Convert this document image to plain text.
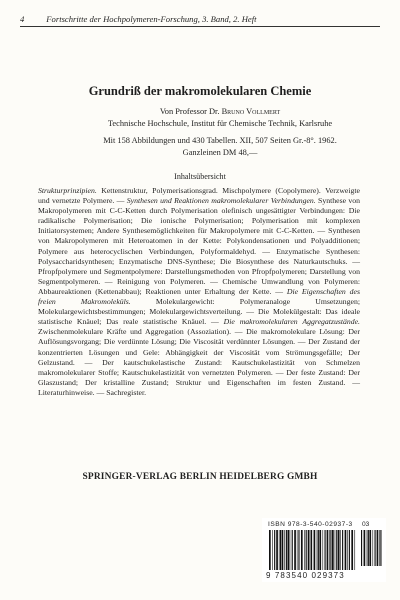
4	Fortschritte der Hochpolymeren-Forschung, 3. Band, 2. Heft
Grundriß der makromolekularen Chemie
Von Professor Dr. Bruno Vollmert
Technische Hochschule, Institut für Chemische Technik, Karlsruhe
Mit 158 Abbildungen und 430 Tabellen. XII, 507 Seiten Gr.-8°. 1962.
Ganzleinen DM 48,—
Inhaltsübersicht
Strukturprinzipien. Kettenstruktur, Polymerisationsgrad. Mischpolymere (Copolymere). Verzweigte und vernetzte Polymere. — Synthesen und Reaktionen makromolekularer Verbindungen. Synthese von Makropolymeren mit C-C-Ketten durch Polymerisation olefinisch ungesättigter Verbindungen: Die radikalische Polymerisation; Die ionische Polymerisation; Polymerisation mit komplexen Initiatorsystemen; Andere Synthesemöglichkeiten für Makropolymere mit C-C-Ketten. — Synthesen von Makropolymeren mit Heteroatomen in der Kette: Polykondensationen und Polyadditionen; Polymere aus heterocyclischen Verbindungen, Polyformaldehyd. — Enzymatische Synthesen: Polysaccharidsynthesen; Enzymatische DNS-Synthese; Die Biosynthese des Naturkautschuks. — Pfropfpolymere und Segmentpolymere: Darstellungsmethoden von Pfropfpolymeren; Darstellung von Segmentpolymeren. — Reinigung von Polymeren. — Chemische Umwandlung von Polymeren: Abbaureaktionen (Kettenabbau); Reaktionen unter Erhaltung der Kette. — Die Eigenschaften des freien Makromoleküls. Molekulargewicht: Polymeranaloge Umsetzungen; Molekulargewichtsbestimmungen; Molekulargewichtsverteilung. — Die Molekülgestalt: Das ideale statistische Knäuel; Das reale statistische Knäuel. — Die makromolekularen Aggregatzustände. Zwischenmolekulare Kräfte und Aggregation (Assoziation). — Die makromolekulare Lösung: Der Auflösungsvorgang; Die verdünnte Lösung; Die Viscosität verdünnter Lösungen. — Der Zustand der konzentrierten Lösungen und Gele: Abhängigkeit der Viscosität vom Strömungsgefälle; Der Gelzustand. — Der kautschukelastische Zustand: Kautschukelastizität von Schmelzen makromolekularer Stoffe; Kautschukelastizität von vernetzten Polymeren. — Der feste Zustand: Der Glaszustand; Der kristalline Zustand; Struktur und Eigenschaften im festen Zustand. — Literaturhinweise. — Sachregister.
SPRINGER-VERLAG BERLIN HEIDELBERG GMBH
ISBN 978-3-540-02937-3 03
9 783540 029373
